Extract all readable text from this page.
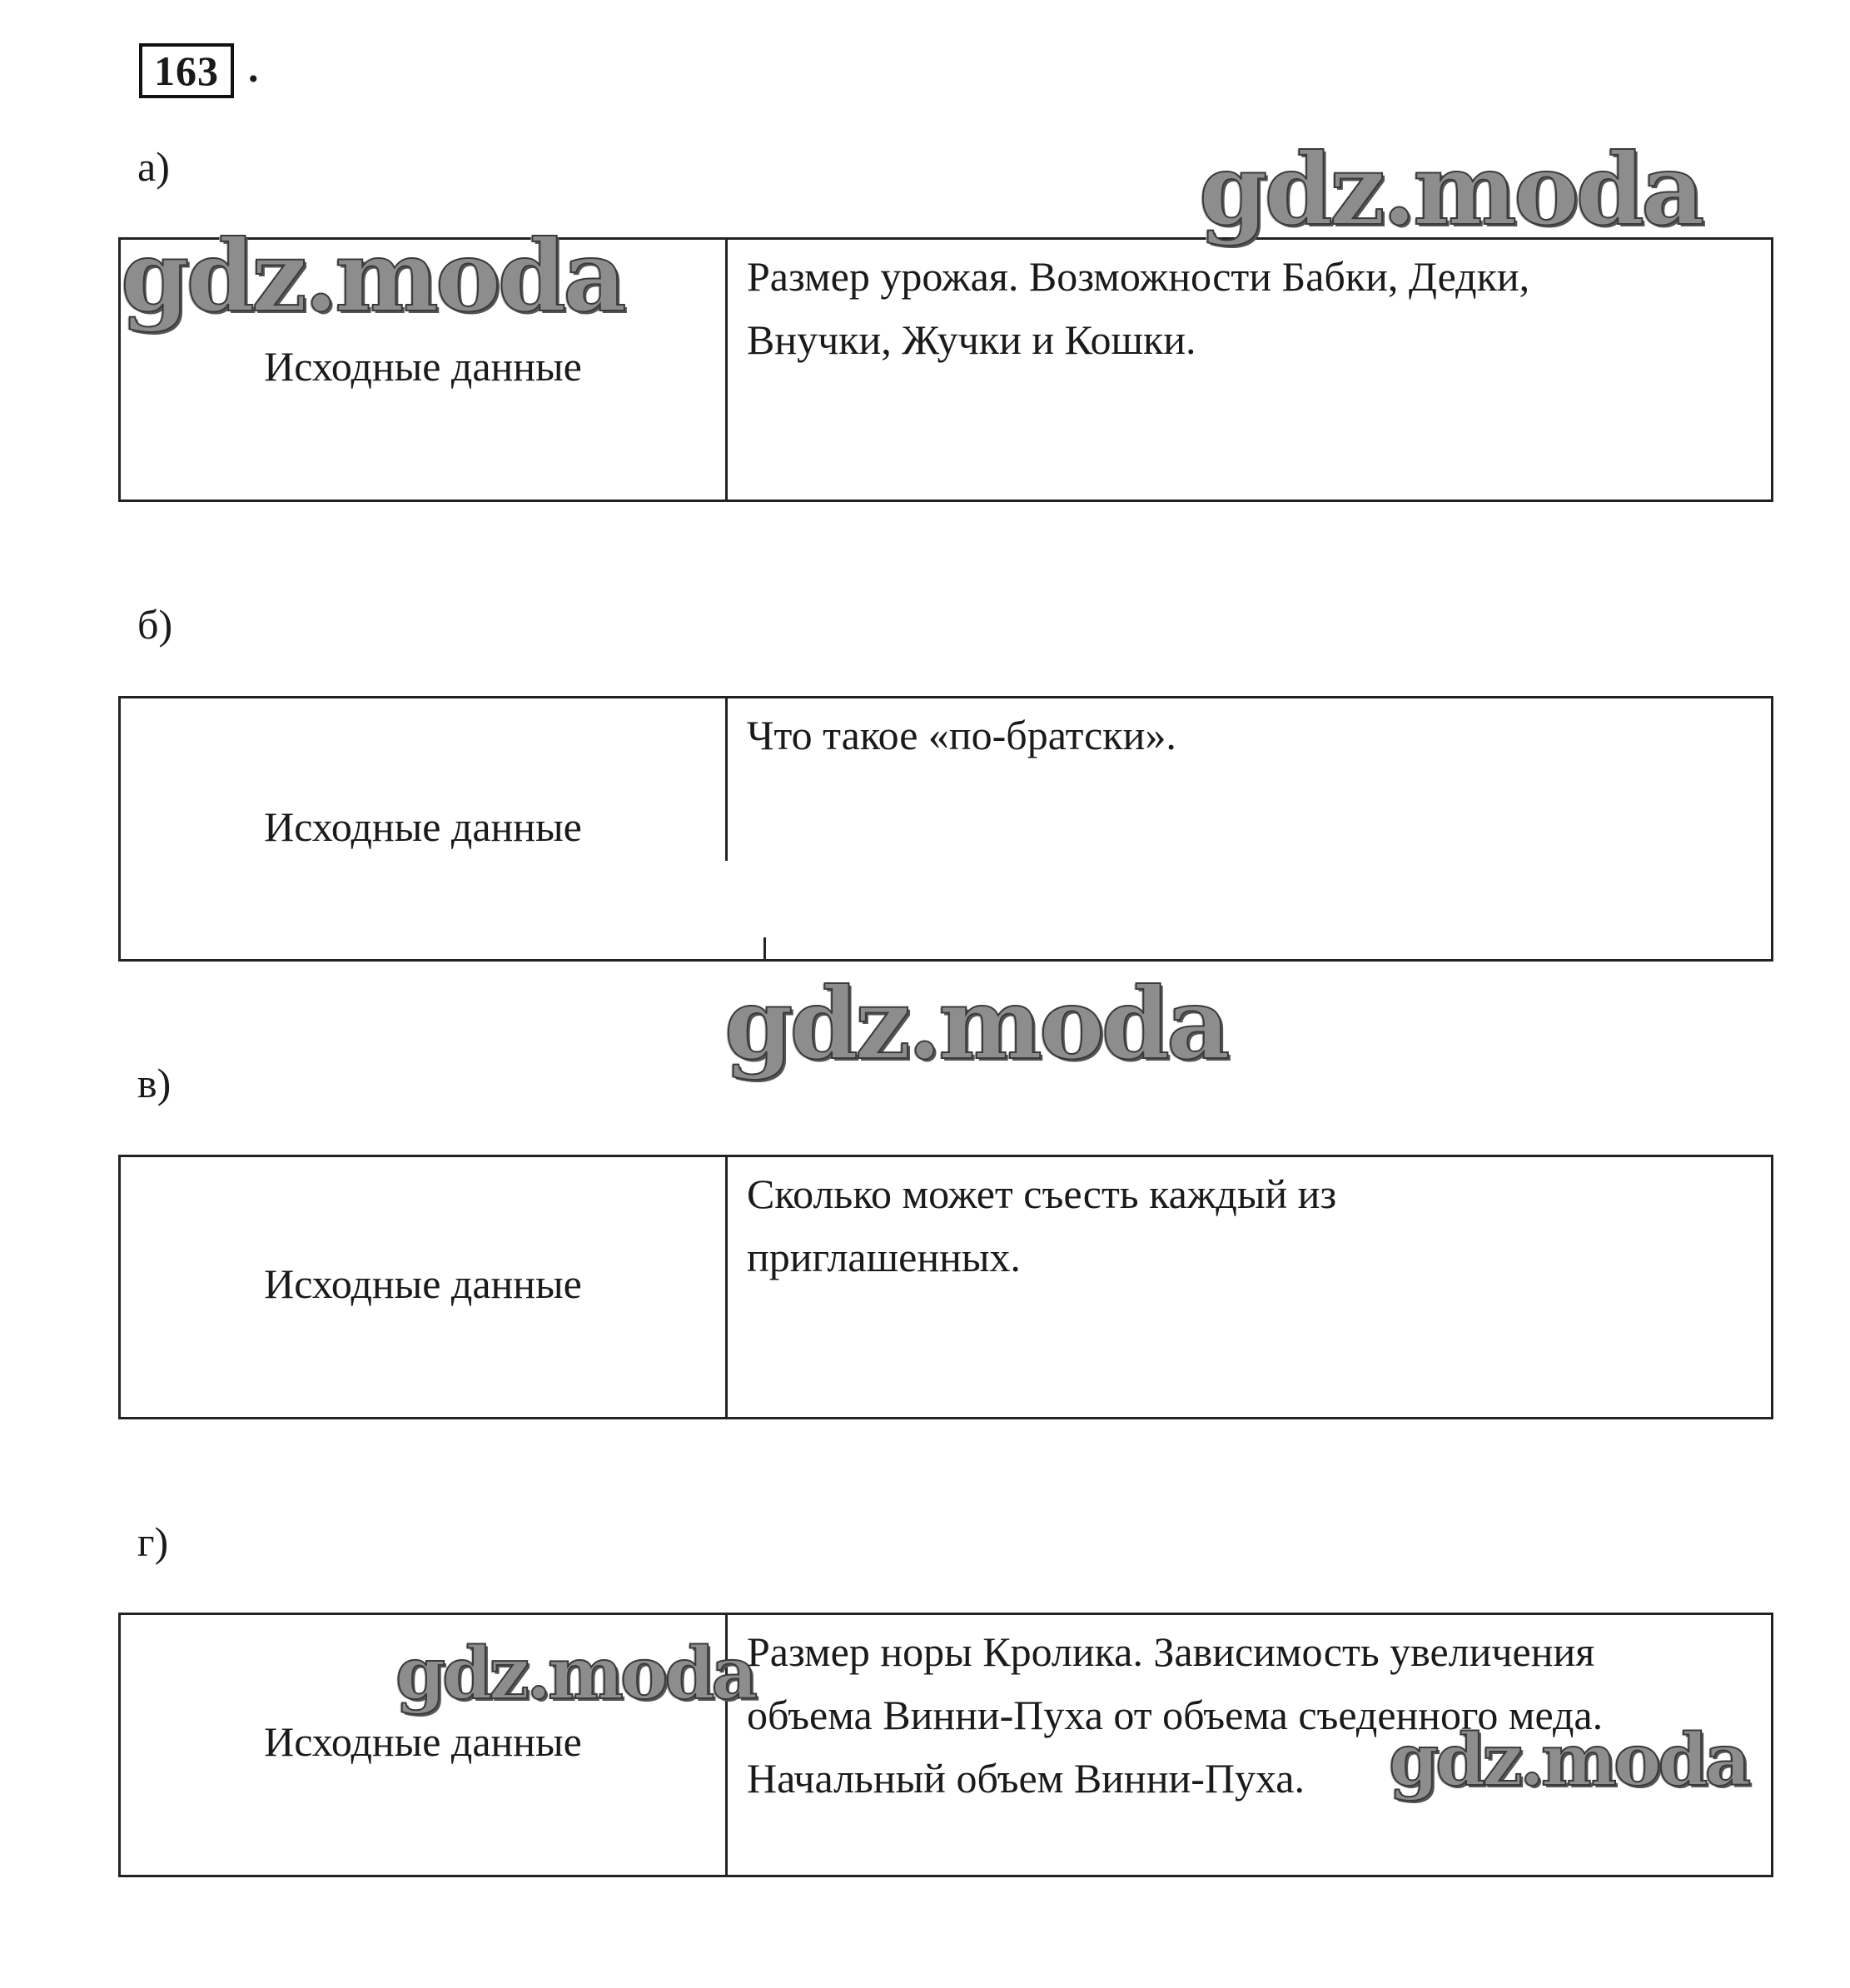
163 .
а)
Исходные данные
Размер урожая. Возможности Бабки, Дедки,
Внучки, Жучки и Кошки.
б)
Исходные данные
Что такое «по-братски».
в)
Исходные данные
Сколько может съесть каждый из
приглашенных.
г)
Исходные данные
Размер норы Кролика. Зависимость увеличения
объема Винни-Пуха от объема съеденного меда.
Начальный объем Винни-Пуха.
gdz.moda
gdz.moda
gdz.moda
gdz.moda
gdz.moda
